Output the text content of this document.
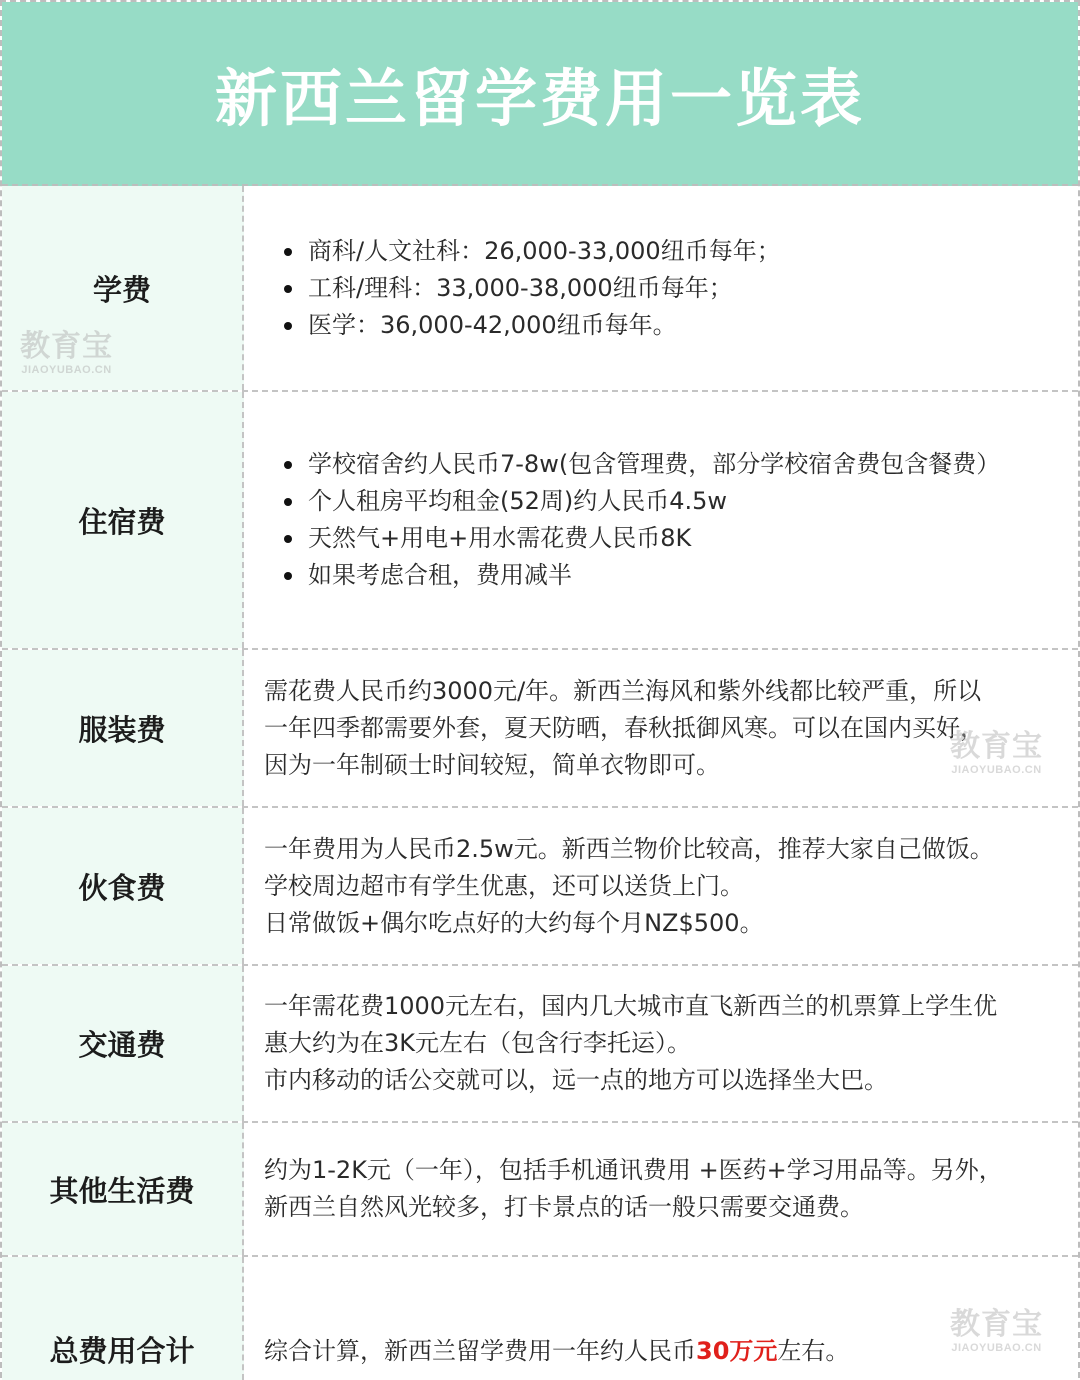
新西兰留学费用一览表
学费
商科/人文社科：26,000-33,000纽币每年；
工科/理科：33,000-38,000纽币每年；
医学：36,000-42,000纽币每年。
住宿费
学校宿舍约人民币7-8w(包含管理费，部分学校宿舍费包含餐费）
个人租房平均租金(52周)约人民币4.5w
天然气+用电+用水需花费人民币8K
如果考虑合租，费用减半
服装费

需花费人民币约3000元/年。新西兰海风和紫外线都比较严重，所以

一年四季都需要外套，夏天防晒，春秋抵御风寒。可以在国内买好，

因为一年制硕士时间较短，简单衣物即可。

伙食费

一年费用为人民币2.5w元。新西兰物价比较高，推荐大家自己做饭。

学校周边超市有学生优惠，还可以送货上门。

日常做饭+偶尔吃点好的大约每个月NZ$500。

交通费

一年需花费1000元左右，国内几大城市直飞新西兰的机票算上学生优

惠大约为在3K元左右（包含行李托运）。

市内移动的话公交就可以，远一点的地方可以选择坐大巴。

其他生活费

约为1-2K元（一年），包括手机通讯费用 +医药+学习用品等。另外，

新西兰自然风光较多，打卡景点的话一般只需要交通费。

总费用合计	综合计算，新西兰留学费用一年约人民币30万元左右。

教育宝
JIAOYUBAO.CN
教育宝
JIAOYUBAO.CN
教育宝
JIAOYUBAO.CN
